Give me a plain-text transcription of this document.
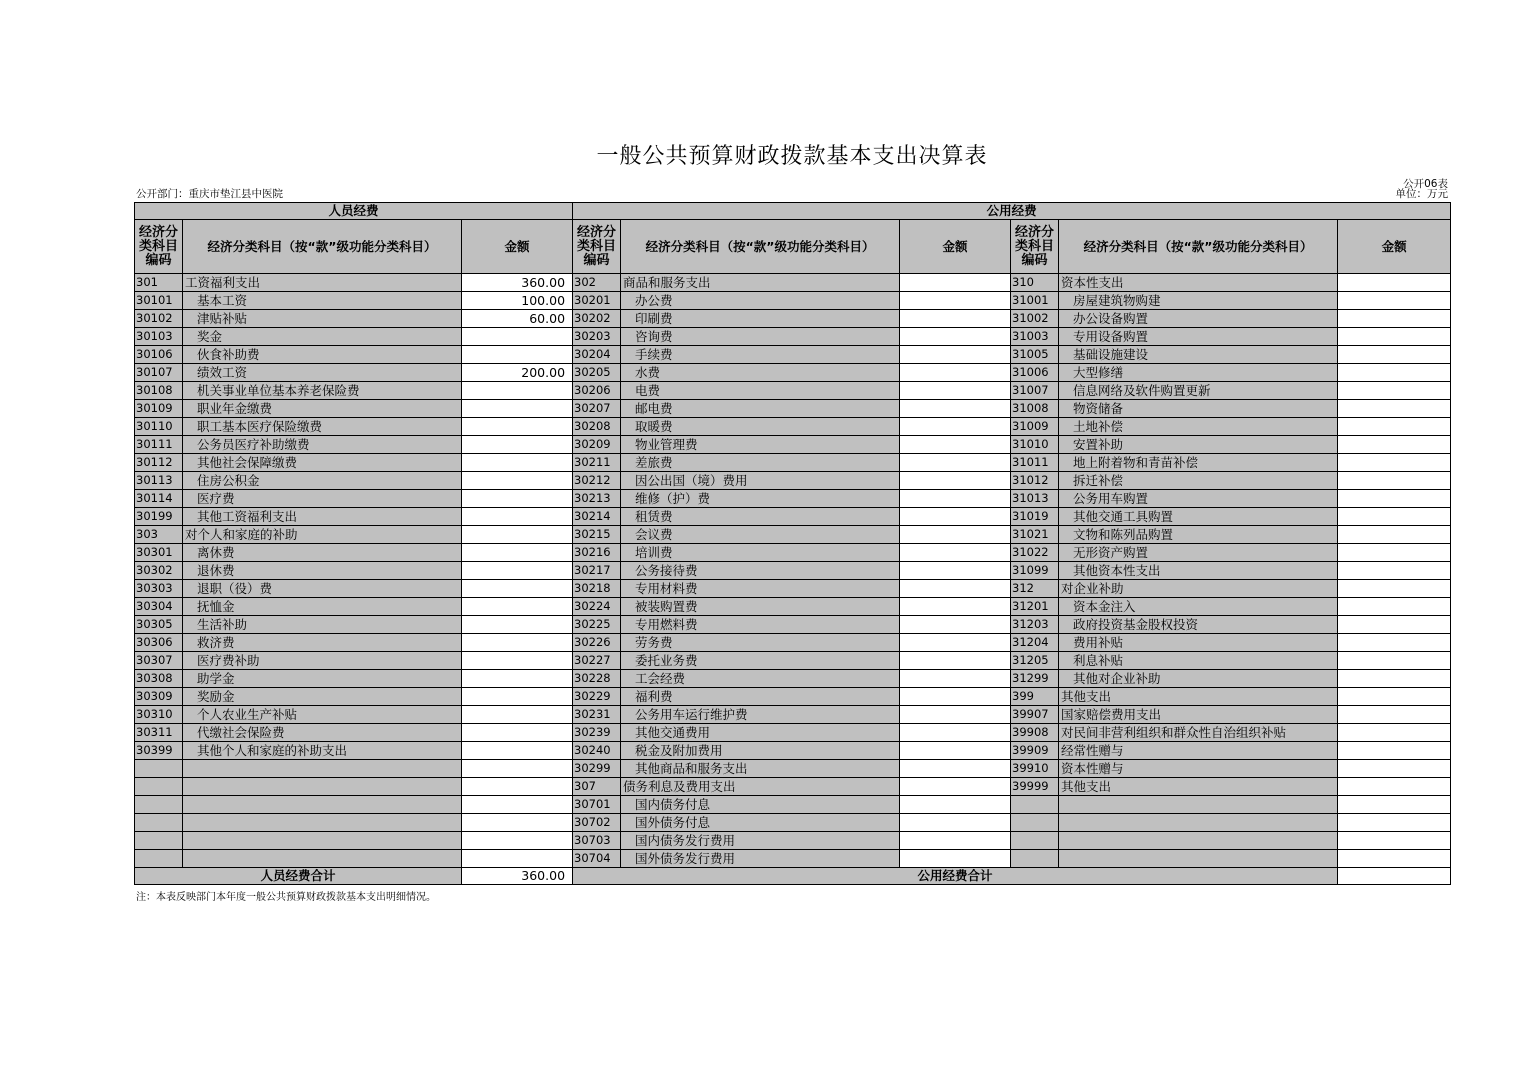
一般公共预算财政拨款基本支出决算表
公开部门：重庆市垫江县中医院
公开06表
单位：万元
人员经费			公用经费					
经济分类科目编码	经济分类科目（按“款”级功能分类科目）	金额	经济分类科目编码	经济分类科目（按“款”级功能分类科目）	金额	经济分类科目编码	经济分类科目（按“款”级功能分类科目）	金额
301	工资福利支出	360.00	302	商品和服务支出		310	资本性支出	
30101	基本工资	100.00	30201	办公费		31001	房屋建筑物购建	
30102	津贴补贴	60.00	30202	印刷费		31002	办公设备购置	
30103	奖金		30203	咨询费		31003	专用设备购置	
30106	伙食补助费		30204	手续费		31005	基础设施建设	
30107	绩效工资	200.00	30205	水费		31006	大型修缮	
30108	机关事业单位基本养老保险费		30206	电费		31007	信息网络及软件购置更新	
30109	职业年金缴费		30207	邮电费		31008	物资储备	
30110	职工基本医疗保险缴费		30208	取暖费		31009	土地补偿	
30111	公务员医疗补助缴费		30209	物业管理费		31010	安置补助	
30112	其他社会保障缴费		30211	差旅费		31011	地上附着物和青苗补偿	
30113	住房公积金		30212	因公出国（境）费用		31012	拆迁补偿	
30114	医疗费		30213	维修（护）费		31013	公务用车购置	
30199	其他工资福利支出		30214	租赁费		31019	其他交通工具购置	
303	对个人和家庭的补助		30215	会议费		31021	文物和陈列品购置	
30301	离休费		30216	培训费		31022	无形资产购置	
30302	退休费		30217	公务接待费		31099	其他资本性支出	
30303	退职（役）费		30218	专用材料费		312	对企业补助	
30304	抚恤金		30224	被装购置费		31201	资本金注入	
30305	生活补助		30225	专用燃料费		31203	政府投资基金股权投资	
30306	救济费		30226	劳务费		31204	费用补贴	
30307	医疗费补助		30227	委托业务费		31205	利息补贴	
30308	助学金		30228	工会经费		31299	其他对企业补助	
30309	奖励金		30229	福利费		399	其他支出	
30310	个人农业生产补贴		30231	公务用车运行维护费		39907	国家赔偿费用支出	
30311	代缴社会保险费		30239	其他交通费用		39908	对民间非营利组织和群众性自治组织补贴	
30399	其他个人和家庭的补助支出		30240	税金及附加费用		39909	经常性赠与	
			30299	其他商品和服务支出		39910	资本性赠与	
			307	债务利息及费用支出		39999	其他支出	
			30701	国内债务付息				
			30702	国外债务付息				
			30703	国内债务发行费用				
			30704	国外债务发行费用				
人员经费合计		360.00	公用经费合计					
注：本表反映部门本年度一般公共预算财政拨款基本支出明细情况。
